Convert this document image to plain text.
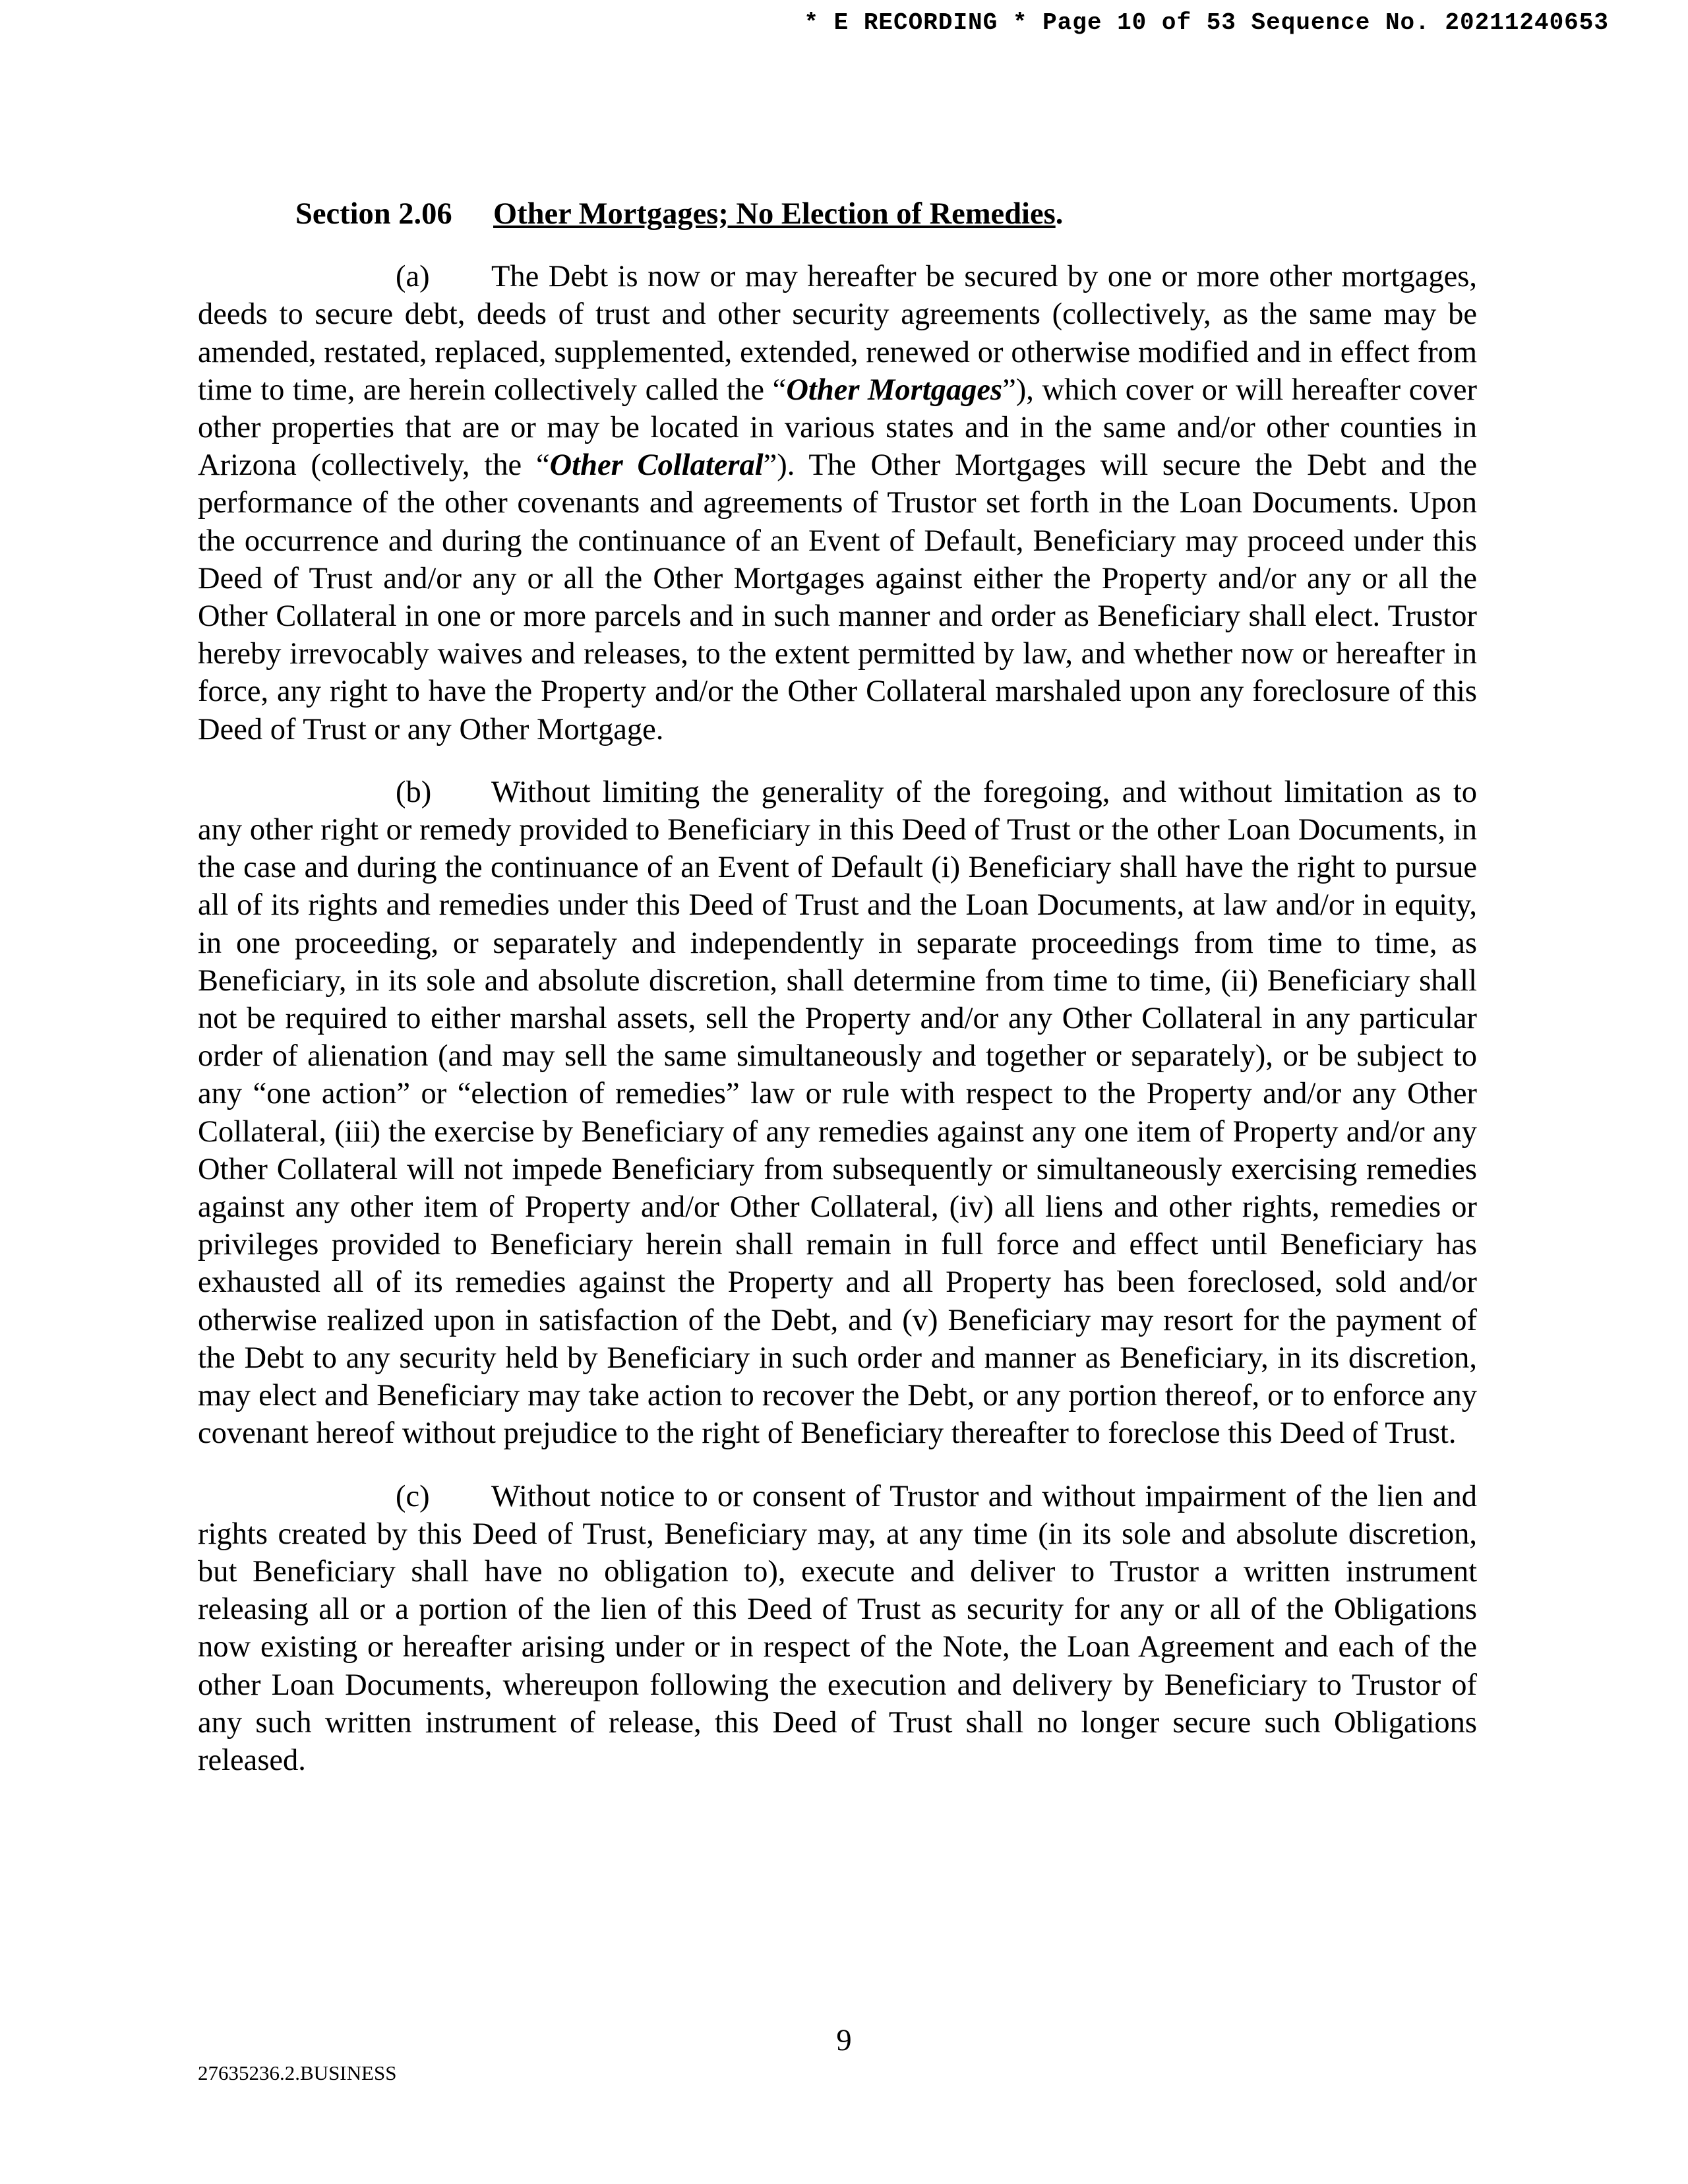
* E RECORDING * Page 10 of 53 Sequence No. 20211240653
Section 2.06 Other Mortgages; No Election of Remedies.

(a) The Debt is now or may hereafter be secured by one or more other mortgages, deeds to secure debt, deeds of trust and other security agreements (collectively, as the same may be amended, restated, replaced, supplemented, extended, renewed or otherwise modified and in effect from time to time, are herein collectively called the “Other Mortgages”), which cover or will hereafter cover other properties that are or may be located in various states and in the same and/or other counties in Arizona (collectively, the “Other Collateral”). The Other Mortgages will secure the Debt and the performance of the other covenants and agreements of Trustor set forth in the Loan Documents. Upon the occurrence and during the continuance of an Event of Default, Beneficiary may proceed under this Deed of Trust and/or any or all the Other Mortgages against either the Property and/or any or all the Other Collateral in one or more parcels and in such manner and order as Beneficiary shall elect. Trustor hereby irrevocably waives and releases, to the extent permitted by law, and whether now or hereafter in force, any right to have the Property and/or the Other Collateral marshaled upon any foreclosure of this Deed of Trust or any Other Mortgage.

(b) Without limiting the generality of the foregoing, and without limitation as to any other right or remedy provided to Beneficiary in this Deed of Trust or the other Loan Documents, in the case and during the continuance of an Event of Default (i) Beneficiary shall have the right to pursue all of its rights and remedies under this Deed of Trust and the Loan Documents, at law and/or in equity, in one proceeding, or separately and independently in separate proceedings from time to time, as Beneficiary, in its sole and absolute discretion, shall determine from time to time, (ii) Beneficiary shall not be required to either marshal assets, sell the Property and/or any Other Collateral in any particular order of alienation (and may sell the same simultaneously and together or separately), or be subject to any “one action” or “election of remedies” law or rule with respect to the Property and/or any Other Collateral, (iii) the exercise by Beneficiary of any remedies against any one item of Property and/or any Other Collateral will not impede Beneficiary from subsequently or simultaneously exercising remedies against any other item of Property and/or Other Collateral, (iv) all liens and other rights, remedies or privileges provided to Beneficiary herein shall remain in full force and effect until Beneficiary has exhausted all of its remedies against the Property and all Property has been foreclosed, sold and/or otherwise realized upon in satisfaction of the Debt, and (v) Beneficiary may resort for the payment of the Debt to any security held by Beneficiary in such order and manner as Beneficiary, in its discretion, may elect and Beneficiary may take action to recover the Debt, or any portion thereof, or to enforce any covenant hereof without prejudice to the right of Beneficiary thereafter to foreclose this Deed of Trust.

(c) Without notice to or consent of Trustor and without impairment of the lien and rights created by this Deed of Trust, Beneficiary may, at any time (in its sole and absolute discretion, but Beneficiary shall have no obligation to), execute and deliver to Trustor a written instrument releasing all or a portion of the lien of this Deed of Trust as security for any or all of the Obligations now existing or hereafter arising under or in respect of the Note, the Loan Agreement and each of the other Loan Documents, whereupon following the execution and delivery by Beneficiary to Trustor of any such written instrument of release, this Deed of Trust shall no longer secure such Obligations released.

9
27635236.2.BUSINESS
